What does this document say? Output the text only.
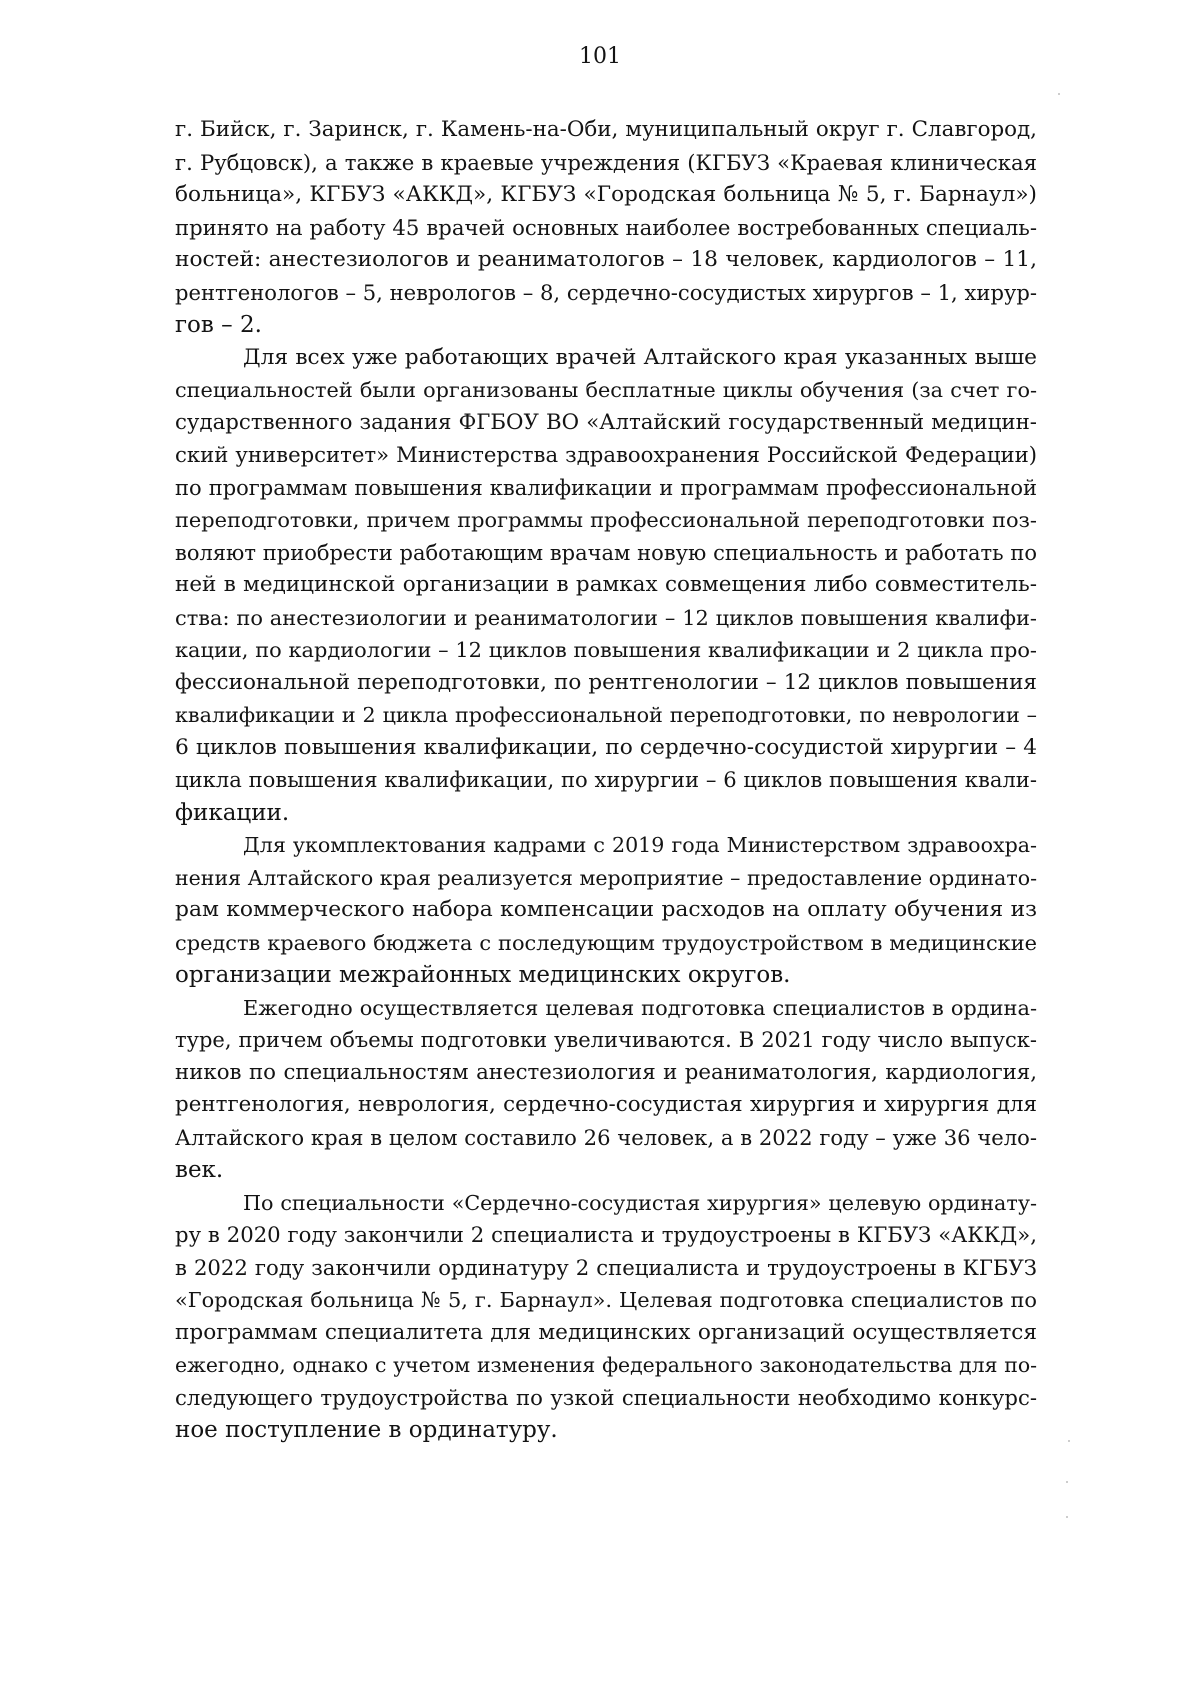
101
г. Бийск, г. Заринск, г. Камень-на-Оби, муниципальный округ г. Славгород,
г. Рубцовск), а также в краевые учреждения (КГБУЗ «Краевая клиническая
больница», КГБУЗ «АККД», КГБУЗ «Городская больница № 5, г. Барнаул»)
принято на работу 45 врачей основных наиболее востребованных специаль-
ностей: анестезиологов и реаниматологов – 18 человек, кардиологов – 11,
рентгенологов – 5, неврологов – 8, сердечно-сосудистых хирургов – 1, хирур-
гов – 2.
Для всех уже работающих врачей Алтайского края указанных выше
специальностей были организованы бесплатные циклы обучения (за счет го-
сударственного задания ФГБОУ ВО «Алтайский государственный медицин-
ский университет» Министерства здравоохранения Российской Федерации)
по программам повышения квалификации и программам профессиональной
переподготовки, причем программы профессиональной переподготовки поз-
воляют приобрести работающим врачам новую специальность и работать по
ней в медицинской организации в рамках совмещения либо совместитель-
ства: по анестезиологии и реаниматологии – 12 циклов повышения квалифи-
кации, по кардиологии – 12 циклов повышения квалификации и 2 цикла про-
фессиональной переподготовки, по рентгенологии – 12 циклов повышения
квалификации и 2 цикла профессиональной переподготовки, по неврологии –
6 циклов повышения квалификации, по сердечно-сосудистой хирургии – 4
цикла повышения квалификации, по хирургии – 6 циклов повышения квали-
фикации.
Для укомплектования кадрами с 2019 года Министерством здравоохра-
нения Алтайского края реализуется мероприятие – предоставление ординато-
рам коммерческого набора компенсации расходов на оплату обучения из
средств краевого бюджета с последующим трудоустройством в медицинские
организации межрайонных медицинских округов.
Ежегодно осуществляется целевая подготовка специалистов в ордина-
туре, причем объемы подготовки увеличиваются. В 2021 году число выпуск-
ников по специальностям анестезиология и реаниматология, кардиология,
рентгенология, неврология, сердечно-сосудистая хирургия и хирургия для
Алтайского края в целом составило 26 человек, а в 2022 году – уже 36 чело-
век.
По специальности «Сердечно-сосудистая хирургия» целевую ординату-
ру в 2020 году закончили 2 специалиста и трудоустроены в КГБУЗ «АККД»,
в 2022 году закончили ординатуру 2 специалиста и трудоустроены в КГБУЗ
«Городская больница № 5, г. Барнаул». Целевая подготовка специалистов по
программам специалитета для медицинских организаций осуществляется
ежегодно, однако с учетом изменения федерального законодательства для по-
следующего трудоустройства по узкой специальности необходимо конкурс-
ное поступление в ординатуру.
